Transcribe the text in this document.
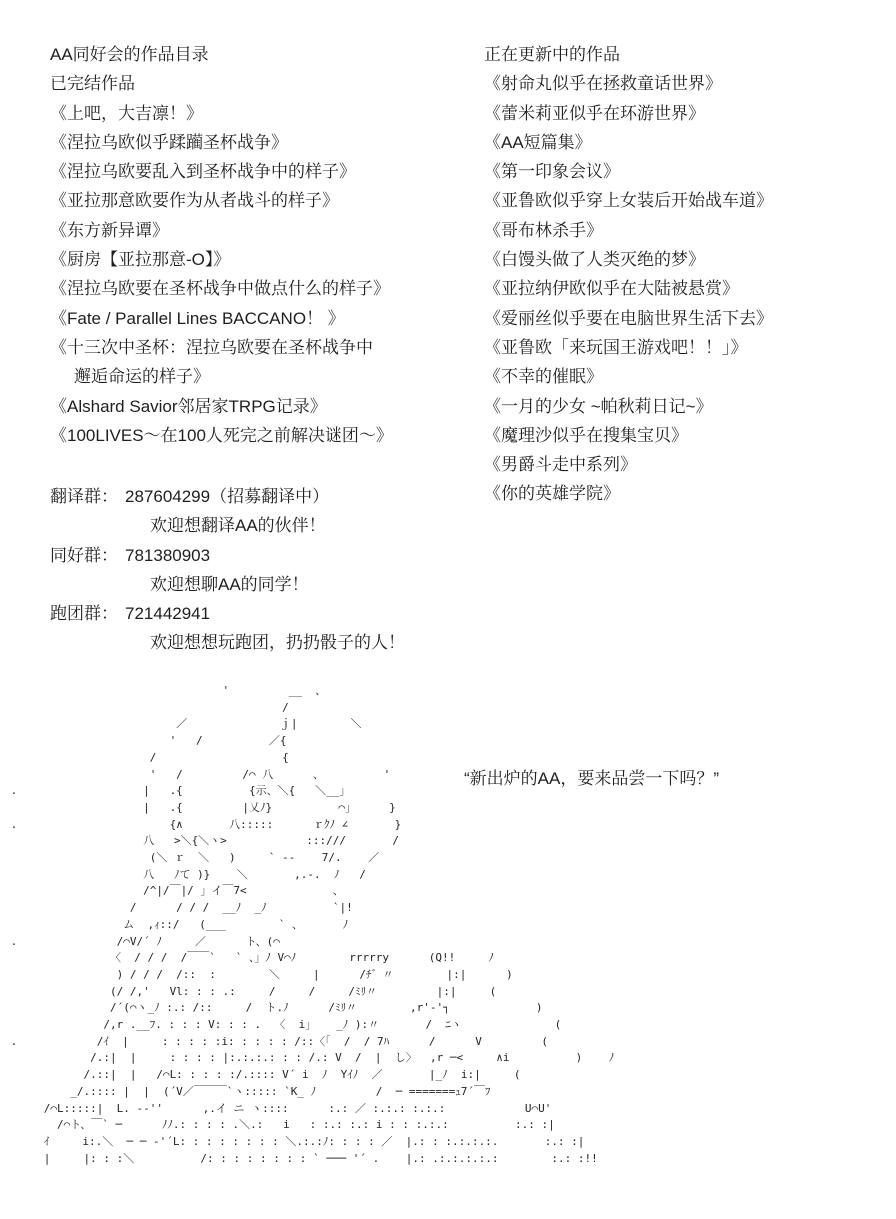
AA同好会的作品目录
已完结作品
《上吧，大吉凛！》
《涅拉乌欧似乎蹂躏圣杯战争》
《涅拉乌欧要乱入到圣杯战争中的样子》
《亚拉那意欧要作为从者战斗的样子》
《东方新异谭》
《厨房【亚拉那意-O】》
《涅拉乌欧要在圣杯战争中做点什么的样子》
《Fate / Parallel Lines BACCANO！ 》
《十三次中圣杯：涅拉乌欧要在圣杯战争中
邂逅命运的样子》
《Alshard Savior邻居家TRPG记录》
《100LIVES～在100人死完之前解决谜团～》
正在更新中的作品
《射命丸似乎在拯救童话世界》
《蕾米莉亚似乎在环游世界》
《AA短篇集》
《第一印象会议》
《亚鲁欧似乎穿上女装后开始战车道》
《哥布林杀手》
《白馒头做了人类灭绝的梦》
《亚拉纳伊欧似乎在大陆被悬赏》
《爱丽丝似乎要在电脑世界生活下去》
《亚鲁欧「来玩国王游戏吧！！」》
《不幸的催眠》
《一月的少女 ~帕秋莉日记~》
《魔理沙似乎在搜集宝贝》
《男爵斗走中系列》
《你的英雄学院》
翻译群： 287604299（招募翻译中）
欢迎想翻译AA的伙伴！
同好群： 781380903
欢迎想聊AA的同学！
跑团群： 721442941
欢迎想想玩跑团，扔扔骰子的人！
'         __  、
/
／              ｊ|        ＼
'   /          ／{
/                   {
'   /         /⌒ 八      、         '
.                   |   .{          {示、＼{   ＼__」
|   .{         |乂ﾉ}          ⌒」     }
.                       {∧       八:::::      ｒｸﾉ ∠       }
八   >＼{＼ヽ>            :::///       /
(＼ ｒ  ＼   )     ` --    7/.    ／
八   ﾉて )}    ＼       ,.-.  ﾉ   /
/^|/￣|/ 」イ￣7<             、
/      / / /  __ﾉ  _ﾉ          `|!
ム  ,ｨ::/   (___        ` 、      ﾉ
.               /⌒V/´ ﾉ     ／      ト、(⌒
〈  / / /  /￣￣`   ` 、」ﾉ V⌒ﾉ        rrrrry      (Q!!     ﾉ
) / / /  /::  :        ＼     |      /ﾁ゛〃        |:|      )
(/ /,'   Vl: : : .:     /     /     /ﾐﾘ〃         |:|     (
/´(⌒ヽ_ﾉ :.: /::     /  ト.ﾉ      /ﾐﾘ〃        ,r'-'┐             )
/,r .__ﾌ. : : : V: : : .  〈  i」   _ﾉ ):〃       /  ﾆヽ              (
.            /ｲ  |     : : : : :i: : : : : /::〈「  /  / 7ﾊ      /      V         (
/.:|  |     : : : : |:.:.:.: : : /.: V  /  |  し〉  ,r ─<     ∧i          )    ﾉ
/.::|  |   /⌒L: : : : :/.:::: V´ i  ﾉ  Yｲﾉ  ／       |_ﾉ  i:|     (
_/.:::: |  |  (´V／￣￣￣`ヽ::::: `K_ ﾉ         /  ─ =======ｭ7´￣ﾌ
/⌒L:::::|  L. ‐‐''      ,.イ ニ ヽ::::      :.: ／ :.:.: :.:.:            U⌒U'
/⌒ト、￣` ─      ﾉﾉ.: : : : .＼.:   i   : :.: :.: i : : :.:.:          :.: :|
ｲ     i:.＼  ─ ─ ‐'´L: : : : : : : : ＼.:.:ﾉ: : : : ／  |.: : :.:.:.:.       :.: :|
|     |: : :＼          /: : : : : : : : ` ─── '´ .    |.: .:.:.:.:.:        :.: :!!
“新出炉的AA，要来品尝一下吗？”
